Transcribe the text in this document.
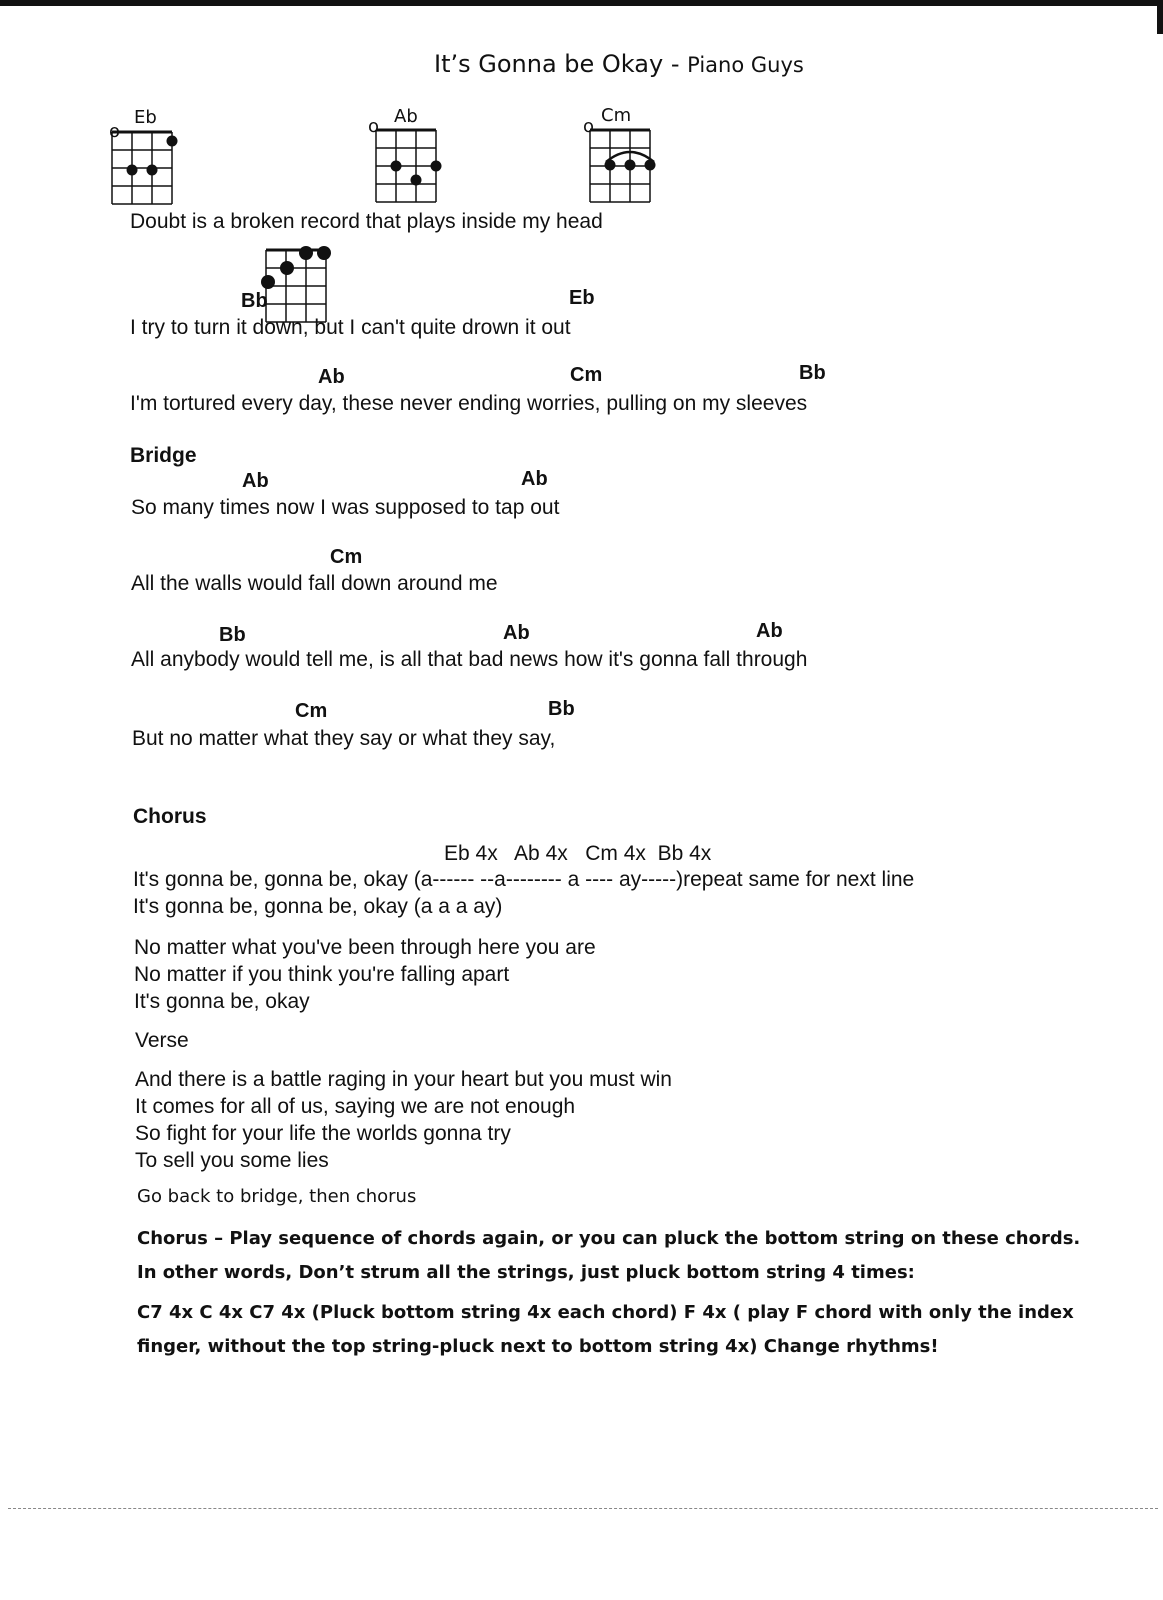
It’s Gonna be Okay - Piano Guys
o
Eb	o Ab	o
Cm
Doubt is a broken record that plays inside my head
Bb	Eb
I try to turn it down, but I can't quite drown it out
Ab	Cm	Bb
I'm tortured every day, these never ending worries, pulling on my sleeves
Bridge
Ab	Ab
So many times now I was supposed to tap out
Cm
All the walls would fall down around me
Bb	Ab	Ab
All anybody would tell me, is all that bad news how it's gonna fall through
Cm	Bb
But no matter what they say or what they say,
Chorus
Eb 4x   Ab 4x   Cm 4x  Bb 4x
It's gonna be, gonna be, okay (a------ --a-------- a ---- ay-----)repeat same for next line
It's gonna be, gonna be, okay (a a a ay)
No matter what you've been through here you are
No matter if you think you're falling apart
It's gonna be, okay
Verse
And there is a battle raging in your heart but you must win
It comes for all of us, saying we are not enough
So fight for your life the worlds gonna try
To sell you some lies
Go back to bridge, then chorus
Chorus – Play sequence of chords again, or you can pluck the bottom string on these chords. In other words, Don’t strum all the strings, just pluck bottom string 4 times:
C7 4x C 4x C7 4x (Pluck bottom string 4x each chord) F 4x ( play F chord with only the index finger, without the top string-pluck next to bottom string 4x) Change rhythms!
